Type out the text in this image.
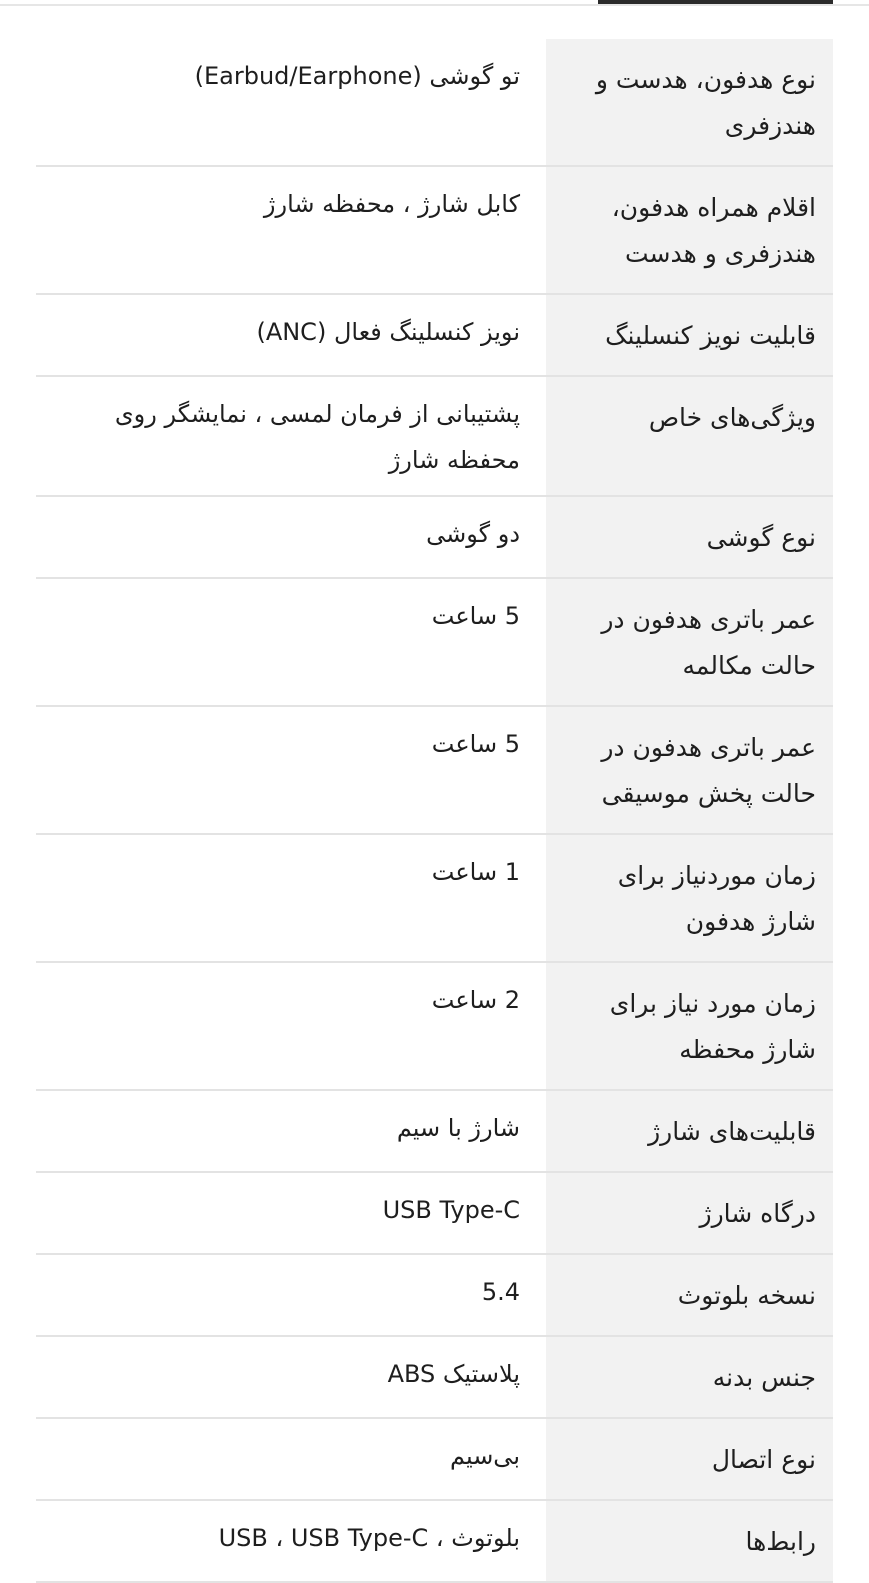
نوع هدفون، هدست و هندزفری
تو گوشی (Earbud/Earphone)
اقلام همراه هدفون، هندزفری و هدست
کابل شارژ ، محفظه شارژ
قابلیت نویز کنسلینگ
نویز کنسلینگ فعال (ANC)
ویژگی‌های خاص
پشتیبانی از فرمان لمسی ، نمایشگر روی محفظه شارژ
نوع گوشی
دو گوشی
عمر باتری هدفون در حالت مکالمه
5 ساعت
عمر باتری هدفون در حالت پخش موسیقی
5 ساعت
زمان موردنیاز برای شارژ هدفون
1 ساعت
زمان مورد نیاز برای شارژ محفظه
2 ساعت
قابلیت‌های شارژ
شارژ با سیم
درگاه شارژ
USB Type-C
نسخه بلوتوث
5.4
جنس بدنه
پلاستیک ABS
نوع اتصال
بی‌سیم
رابط‌ها
بلوتوث ، USB ، USB Type-C
